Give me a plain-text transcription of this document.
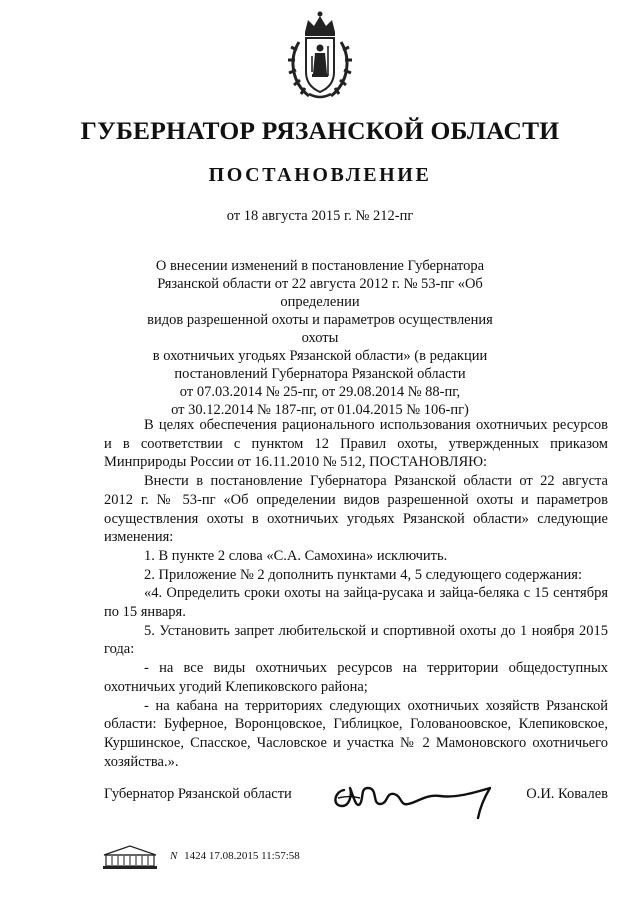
ГУБЕРНАТОР РЯЗАНСКОЙ ОБЛАСТИ
ПОСТАНОВЛЕНИЕ
от 18 августа 2015 г. № 212-пг
О внесении изменений в постановление Губернатора
Рязанской области от 22 августа 2012 г. № 53-пг «Об определении
видов разрешенной охоты и параметров осуществления охоты
в охотничьих угодьях Рязанской области» (в редакции
постановлений Губернатора Рязанской области
от 07.03.2014 № 25-пг, от 29.08.2014 № 88-пг,
от 30.12.2014 № 187-пг, от 01.04.2015 № 106-пг)

В целях обеспечения рационального использования охотничьих ресурсов и в соответствии с пунктом 12 Правил охоты, утвержденных приказом Минприроды России от 16.11.2010 № 512, ПОСТАНОВЛЯЮ:

Внести в постановление Губернатора Рязанской области от 22 августа 2012 г. № 53-пг «Об определении видов разрешенной охоты и параметров осуществления охоты в охотничьих угодьях Рязанской области» следующие изменения:

1. В пункте 2 слова «С.А. Самохина» исключить.

2. Приложение № 2 дополнить пунктами 4, 5 следующего содержания:

«4. Определить сроки охоты на зайца-русака и зайца-беляка с 15 сентября по 15 января.

5. Установить запрет любительской и спортивной охоты до 1 ноября 2015 года:

- на все виды охотничьих ресурсов на территории общедоступных охотничьих угодий Клепиковского района;

- на кабана на территориях следующих охотничьих хозяйств Рязанской области: Буферное, Воронцовское, Гиблицкое, Голованоовское, Клепиковское, Куршинское, Спасское, Часловское и участка № 2 Мамоновского охотничьего хозяйства.».

Губернатор Рязанской области	О.И. Ковалев
N 1424 17.08.2015 11:57:58
